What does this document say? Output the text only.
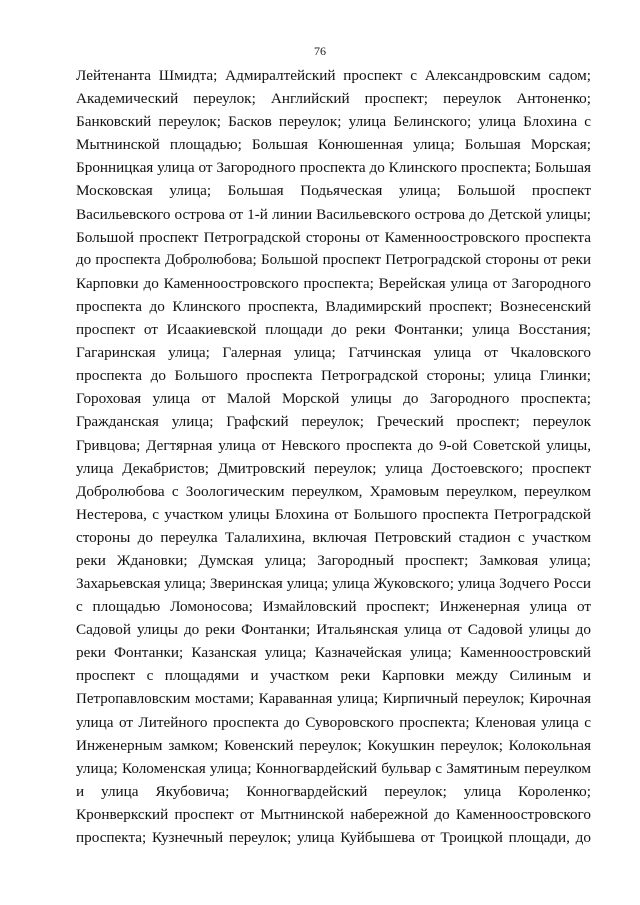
76
Лейтенанта Шмидта; Адмиралтейский проспект с Александровским садом;
Академический переулок; Английский проспект; переулок Антоненко;
Банковский переулок; Басков переулок; улица Белинского; улица Блохина с
Мытнинской площадью; Большая Конюшенная улица; Большая Морская;
Бронницкая улица от Загородного проспекта до Клинского проспекта; Большая
Московская улица; Большая Подьяческая улица; Большой проспект
Васильевского острова от 1-й линии Васильевского острова до Детской улицы;
Большой проспект Петроградской стороны от Каменноостровского проспекта
до проспекта Добролюбова; Большой проспект Петроградской стороны от реки
Карповки до Каменноостровского проспекта; Верейская улица от Загородного
проспекта до Клинского проспекта, Владимирский проспект; Вознесенский
проспект от Исаакиевской площади до реки Фонтанки; улица Восстания;
Гагаринская улица; Галерная улица; Гатчинская улица от Чкаловского
проспекта до Большого проспекта Петроградской стороны; улица Глинки;
Гороховая улица от Малой Морской улицы до Загородного проспекта;
Гражданская улица; Графский переулок; Греческий проспект; переулок
Гривцова; Дегтярная улица от Невского проспекта до 9-ой Советской улицы,
улица Декабристов; Дмитровский переулок; улица Достоевского; проспект
Добролюбова с Зоологическим переулком, Храмовым переулком, переулком
Нестерова, с участком улицы Блохина от Большого проспекта Петроградской
стороны до переулка Талалихина, включая Петровский стадион с участком
реки Ждановки; Думская улица; Загородный проспект; Замковая улица;
Захарьевская улица; Зверинская улица; улица Жуковского; улица Зодчего Росси
с площадью Ломоносова; Измайловский проспект; Инженерная улица от
Садовой улицы до реки Фонтанки; Итальянская улица от Садовой улицы до
реки Фонтанки; Казанская улица; Казначейская улица; Каменноостровский
проспект с площадями и участком реки Карповки между Силиным и
Петропавловским мостами; Караванная улица; Кирпичный переулок; Кирочная
улица от Литейного проспекта до Суворовского проспекта; Кленовая улица с
Инженерным замком; Ковенский переулок; Кокушкин переулок; Колокольная
улица; Коломенская улица; Конногвардейский бульвар с Замятиным переулком
и улица Якубовича; Конногвардейский переулок; улица Короленко;
Кронверкский проспект от Мытнинской набережной до Каменноостровского
проспекта; Кузнечный переулок; улица Куйбышева от Троицкой площади, до
